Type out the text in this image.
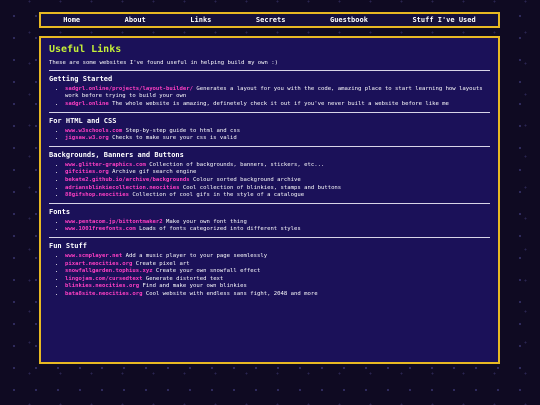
Home	About	Links	Secrets	Guestbook	Stuff I've Used
Useful Links
These are some websites I've found useful in helping build my own :)
Getting Started
• sadgrl.online/projects/layout-builder/ Generates a layout for you with the code, amazing place to start learning how layouts work before trying to build your own
• sadgrl.online The whole website is amazing, definetely check it out if you've never built a website before like me
For HTML and CSS
• www.w3schools.com Step-by-step guide to html and css
• jigsaw.w3.org Checks to make sure your css is valid
Backgrounds, Banners and Buttons
• www.glitter-graphics.com Collection of backgrounds, banners, stickers, etc...
• gifcities.org Archive gif search engine
• bekate2.github.io/archive/backgrounds Colour sorted background archive
• adriansblinkiecollection.neocities Cool collection of blinkies, stamps and buttons
• 88gifshop.neocities Collection of cool gifs in the style of a catalogue
Fonts
• www.pentacom.jp/bittontmaker2 Make your own font thing
• www.1001freefonts.com Loads of fonts categorized into different styles
Fun Stuff
• www.scmplayer.net Add a music player to your page seemlessly
• pixart.neocities.org Create pixel art
• snowfallgarden.tophius.xyz Create your own snowfall effect
• lingojam.com/cursedtext Generate distorted text
• blinkies.neocities.org Find and make your own blinkies
• bata8site.neocities.org Cool website with endless sans fight, 2048 and more
